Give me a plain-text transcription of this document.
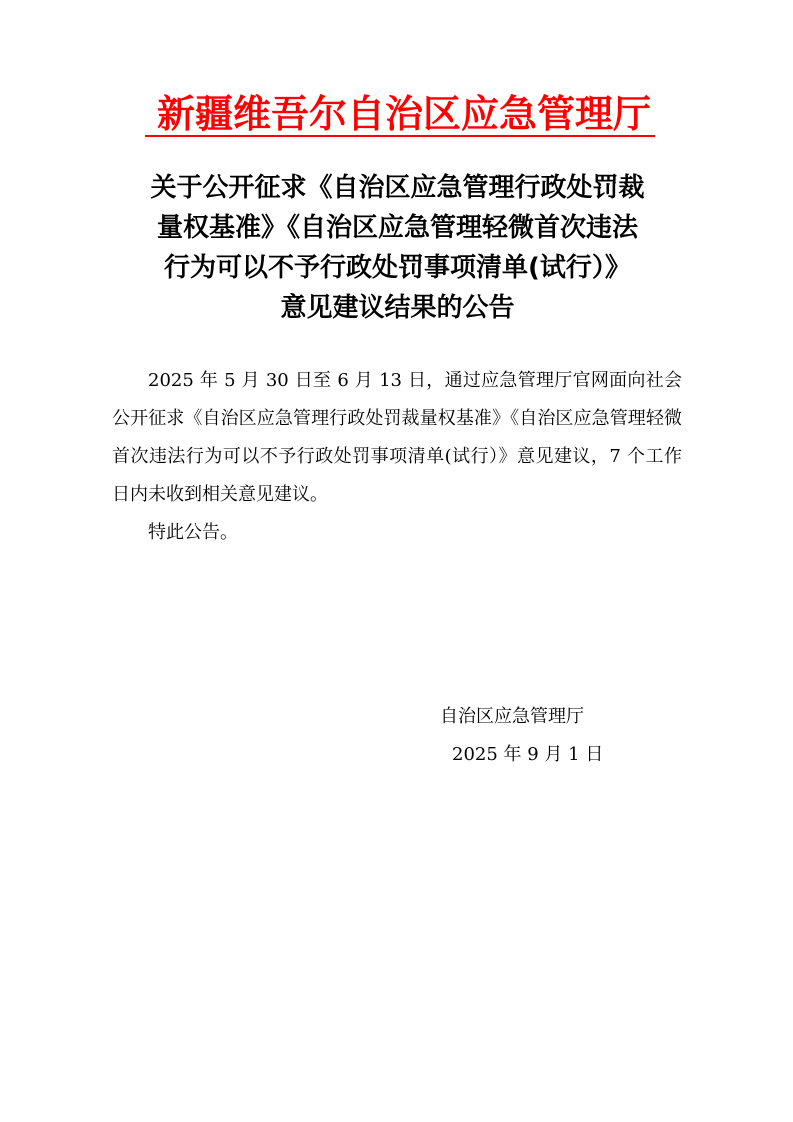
新疆维吾尔自治区应急管理厅
关于公开征求《自治区应急管理行政处罚裁
量权基准》《自治区应急管理轻微首次违法
行为可以不予行政处罚事项清单(试行）》
意见建议结果的公告

2025 年 5 月 30 日至 6 月 13 日，通过应急管理厅官网面向社会公开征求《自治区应急管理行政处罚裁量权基准》《自治区应急管理轻微首次违法行为可以不予行政处罚事项清单(试行）》意见建议，7 个工作日内未收到相关意见建议。

特此公告。

自治区应急管理厅
2025 年 9 月 1 日
